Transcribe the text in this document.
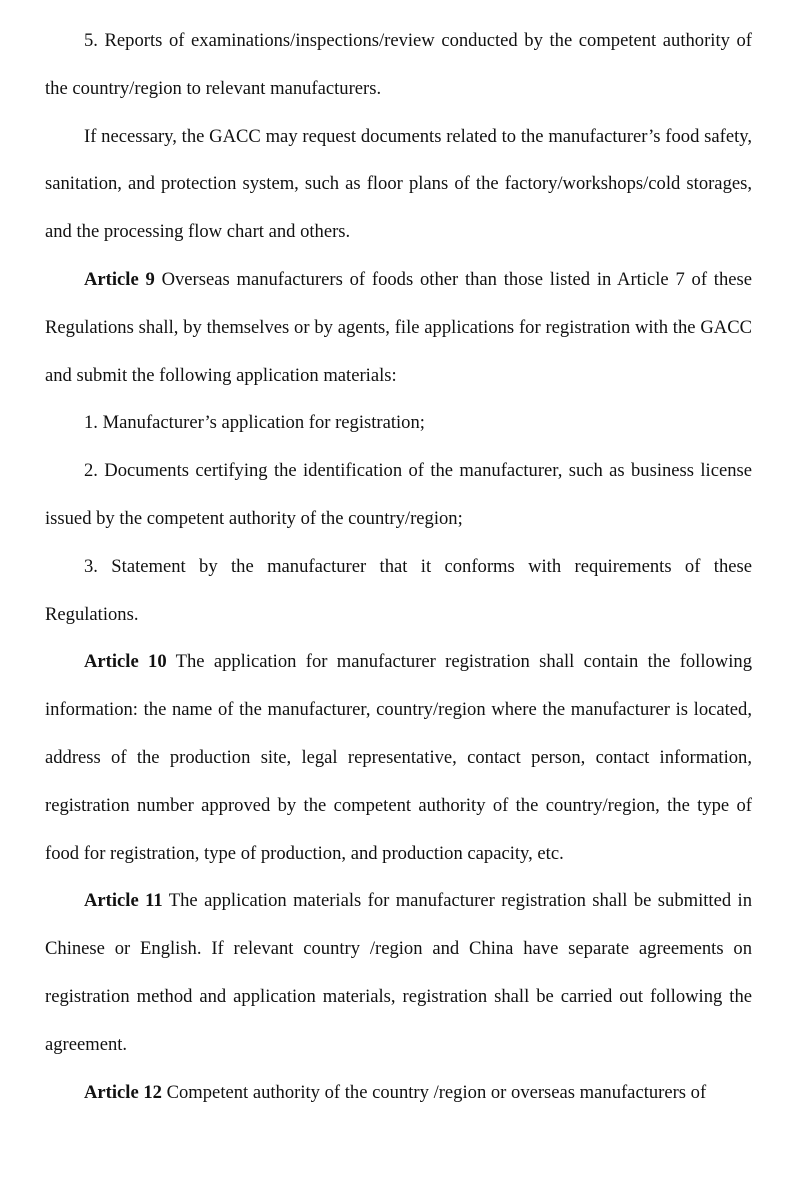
5. Reports of examinations/inspections/review conducted by the competent authority of the country/region to relevant manufacturers.

If necessary, the GACC may request documents related to the manufacturer’s food safety, sanitation, and protection system, such as floor plans of the factory/workshops/cold storages, and the processing flow chart and others.

Article 9 Overseas manufacturers of foods other than those listed in Article 7 of these Regulations shall, by themselves or by agents, file applications for registration with the GACC and submit the following application materials:

1. Manufacturer’s application for registration;

2. Documents certifying the identification of the manufacturer, such as business license issued by the competent authority of the country/region;

3. Statement by the manufacturer that it conforms with requirements of these Regulations.

Article 10 The application for manufacturer registration shall contain the following information: the name of the manufacturer, country/region where the manufacturer is located, address of the production site, legal representative, contact person, contact information, registration number approved by the competent authority of the country/region, the type of food for registration, type of production, and production capacity, etc.

Article 11 The application materials for manufacturer registration shall be submitted in Chinese or English. If relevant country /region and China have separate agreements on registration method and application materials, registration shall be carried out following the agreement.

Article 12 Competent authority of the country /region or overseas manufacturers of
